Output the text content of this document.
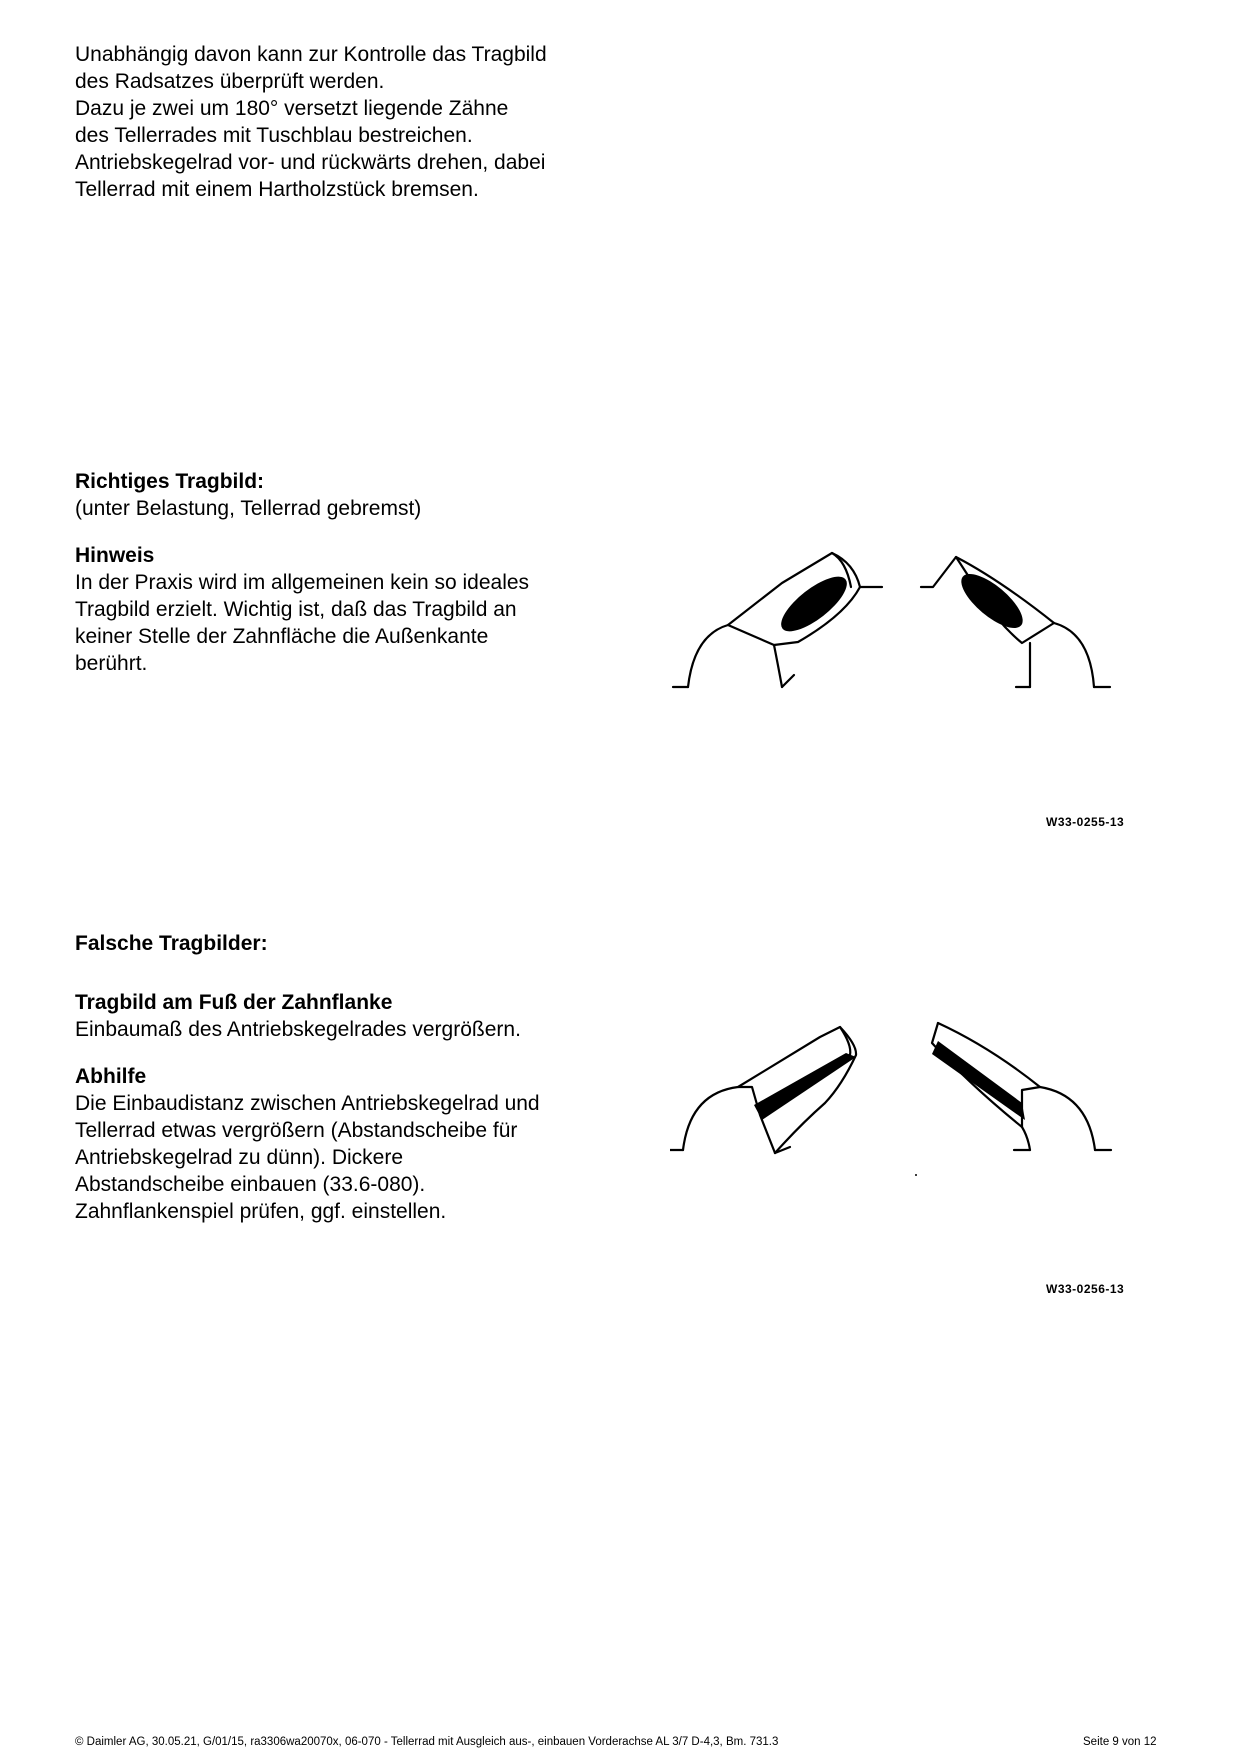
Unabhängig davon kann zur Kontrolle das Tragbild

des Radsatzes überprüft werden.

Dazu je zwei um 180° versetzt liegende Zähne

des Tellerrades mit Tuschblau bestreichen.

Antriebskegelrad vor- und rückwärts drehen, dabei

Tellerrad mit einem Hartholzstück bremsen.

Richtiges Tragbild:

(unter Belastung, Tellerrad gebremst)

Hinweis

In der Praxis wird im allgemeinen kein so ideales

Tragbild erzielt. Wichtig ist, daß das Tragbild an

keiner Stelle der Zahnfläche die Außenkante

berührt.

W33-0255-13

Falsche Tragbilder:

Tragbild am Fuß der Zahnflanke

Einbaumaß des Antriebskegelrades vergrößern.

Abhilfe

Die Einbaudistanz zwischen Antriebskegelrad und

Tellerrad etwas vergrößern (Abstandscheibe für

Antriebskegelrad zu dünn). Dickere

Abstandscheibe einbauen (33.6-080).

Zahnflankenspiel prüfen, ggf. einstellen.

W33-0256-13
© Daimler AG, 30.05.21, G/01/15, ra3306wa20070x, 06-070 - Tellerrad mit Ausgleich aus-, einbauen Vorderachse AL 3/7 D-4,3, Bm. 731.3	Seite 9 von 12
